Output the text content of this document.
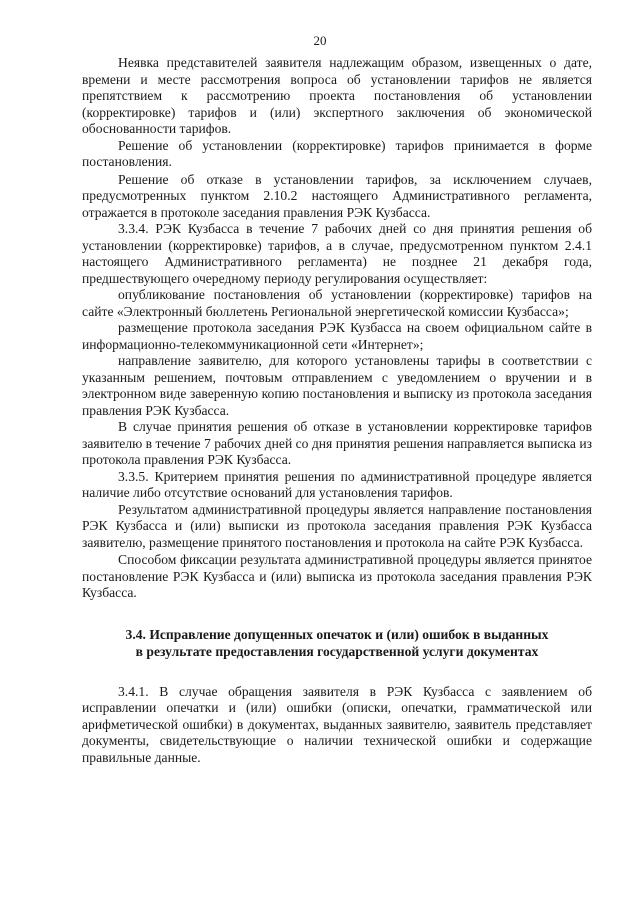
20

Неявка представителей заявителя надлежащим образом, извещенных о дате, времени и месте рассмотрения вопроса об установлении тарифов не является препятствием к рассмотрению проекта постановления об установлении (корректировке) тарифов и (или) экспертного заключения об экономической обоснованности тарифов.

Решение об установлении (корректировке) тарифов принимается в форме постановления.

Решение об отказе в установлении тарифов, за исключением случаев, предусмотренных пунктом 2.10.2 настоящего Административного регламента, отражается в протоколе заседания правления РЭК Кузбасса.

3.3.4. РЭК Кузбасса в течение 7 рабочих дней со дня принятия решения об установлении (корректировке) тарифов, а в случае, предусмотренном пунктом 2.4.1 настоящего Административного регламента) не позднее 21 декабря года, предшествующего очередному периоду регулирования осуществляет:

опубликование постановления об установлении (корректировке) тарифов на сайте «Электронный бюллетень Региональной энергетической комиссии Кузбасса»;

размещение протокола заседания РЭК Кузбасса на своем официальном сайте в информационно-телекоммуникационной сети «Интернет»;

направление заявителю, для которого установлены тарифы в соответствии с указанным решением, почтовым отправлением с уведомлением о вручении и в электронном виде заверенную копию постановления и выписку из протокола заседания правления РЭК Кузбасса.

В случае принятия решения об отказе в установлении корректировке тарифов заявителю в течение 7 рабочих дней со дня принятия решения направляется выписка из протокола правления РЭК Кузбасса.

3.3.5. Критерием принятия решения по административной процедуре является наличие либо отсутствие оснований для установления тарифов.

Результатом административной процедуры является направление постановления РЭК Кузбасса и (или) выписки из протокола заседания правления РЭК Кузбасса заявителю, размещение принятого постановления и протокола на сайте РЭК Кузбасса.

Способом фиксации результата административной процедуры является принятое постановление РЭК Кузбасса и (или) выписка из протокола заседания правления РЭК Кузбасса.

3.4. Исправление допущенных опечаток и (или) ошибок в выданных
в результате предоставления государственной услуги документах

3.4.1. В случае обращения заявителя в РЭК Кузбасса с заявлением об исправлении опечатки и (или) ошибки (описки, опечатки, грамматической или арифметической ошибки) в документах, выданных заявителю, заявитель представляет документы, свидетельствующие о наличии технической ошибки и содержащие правильные данные.
